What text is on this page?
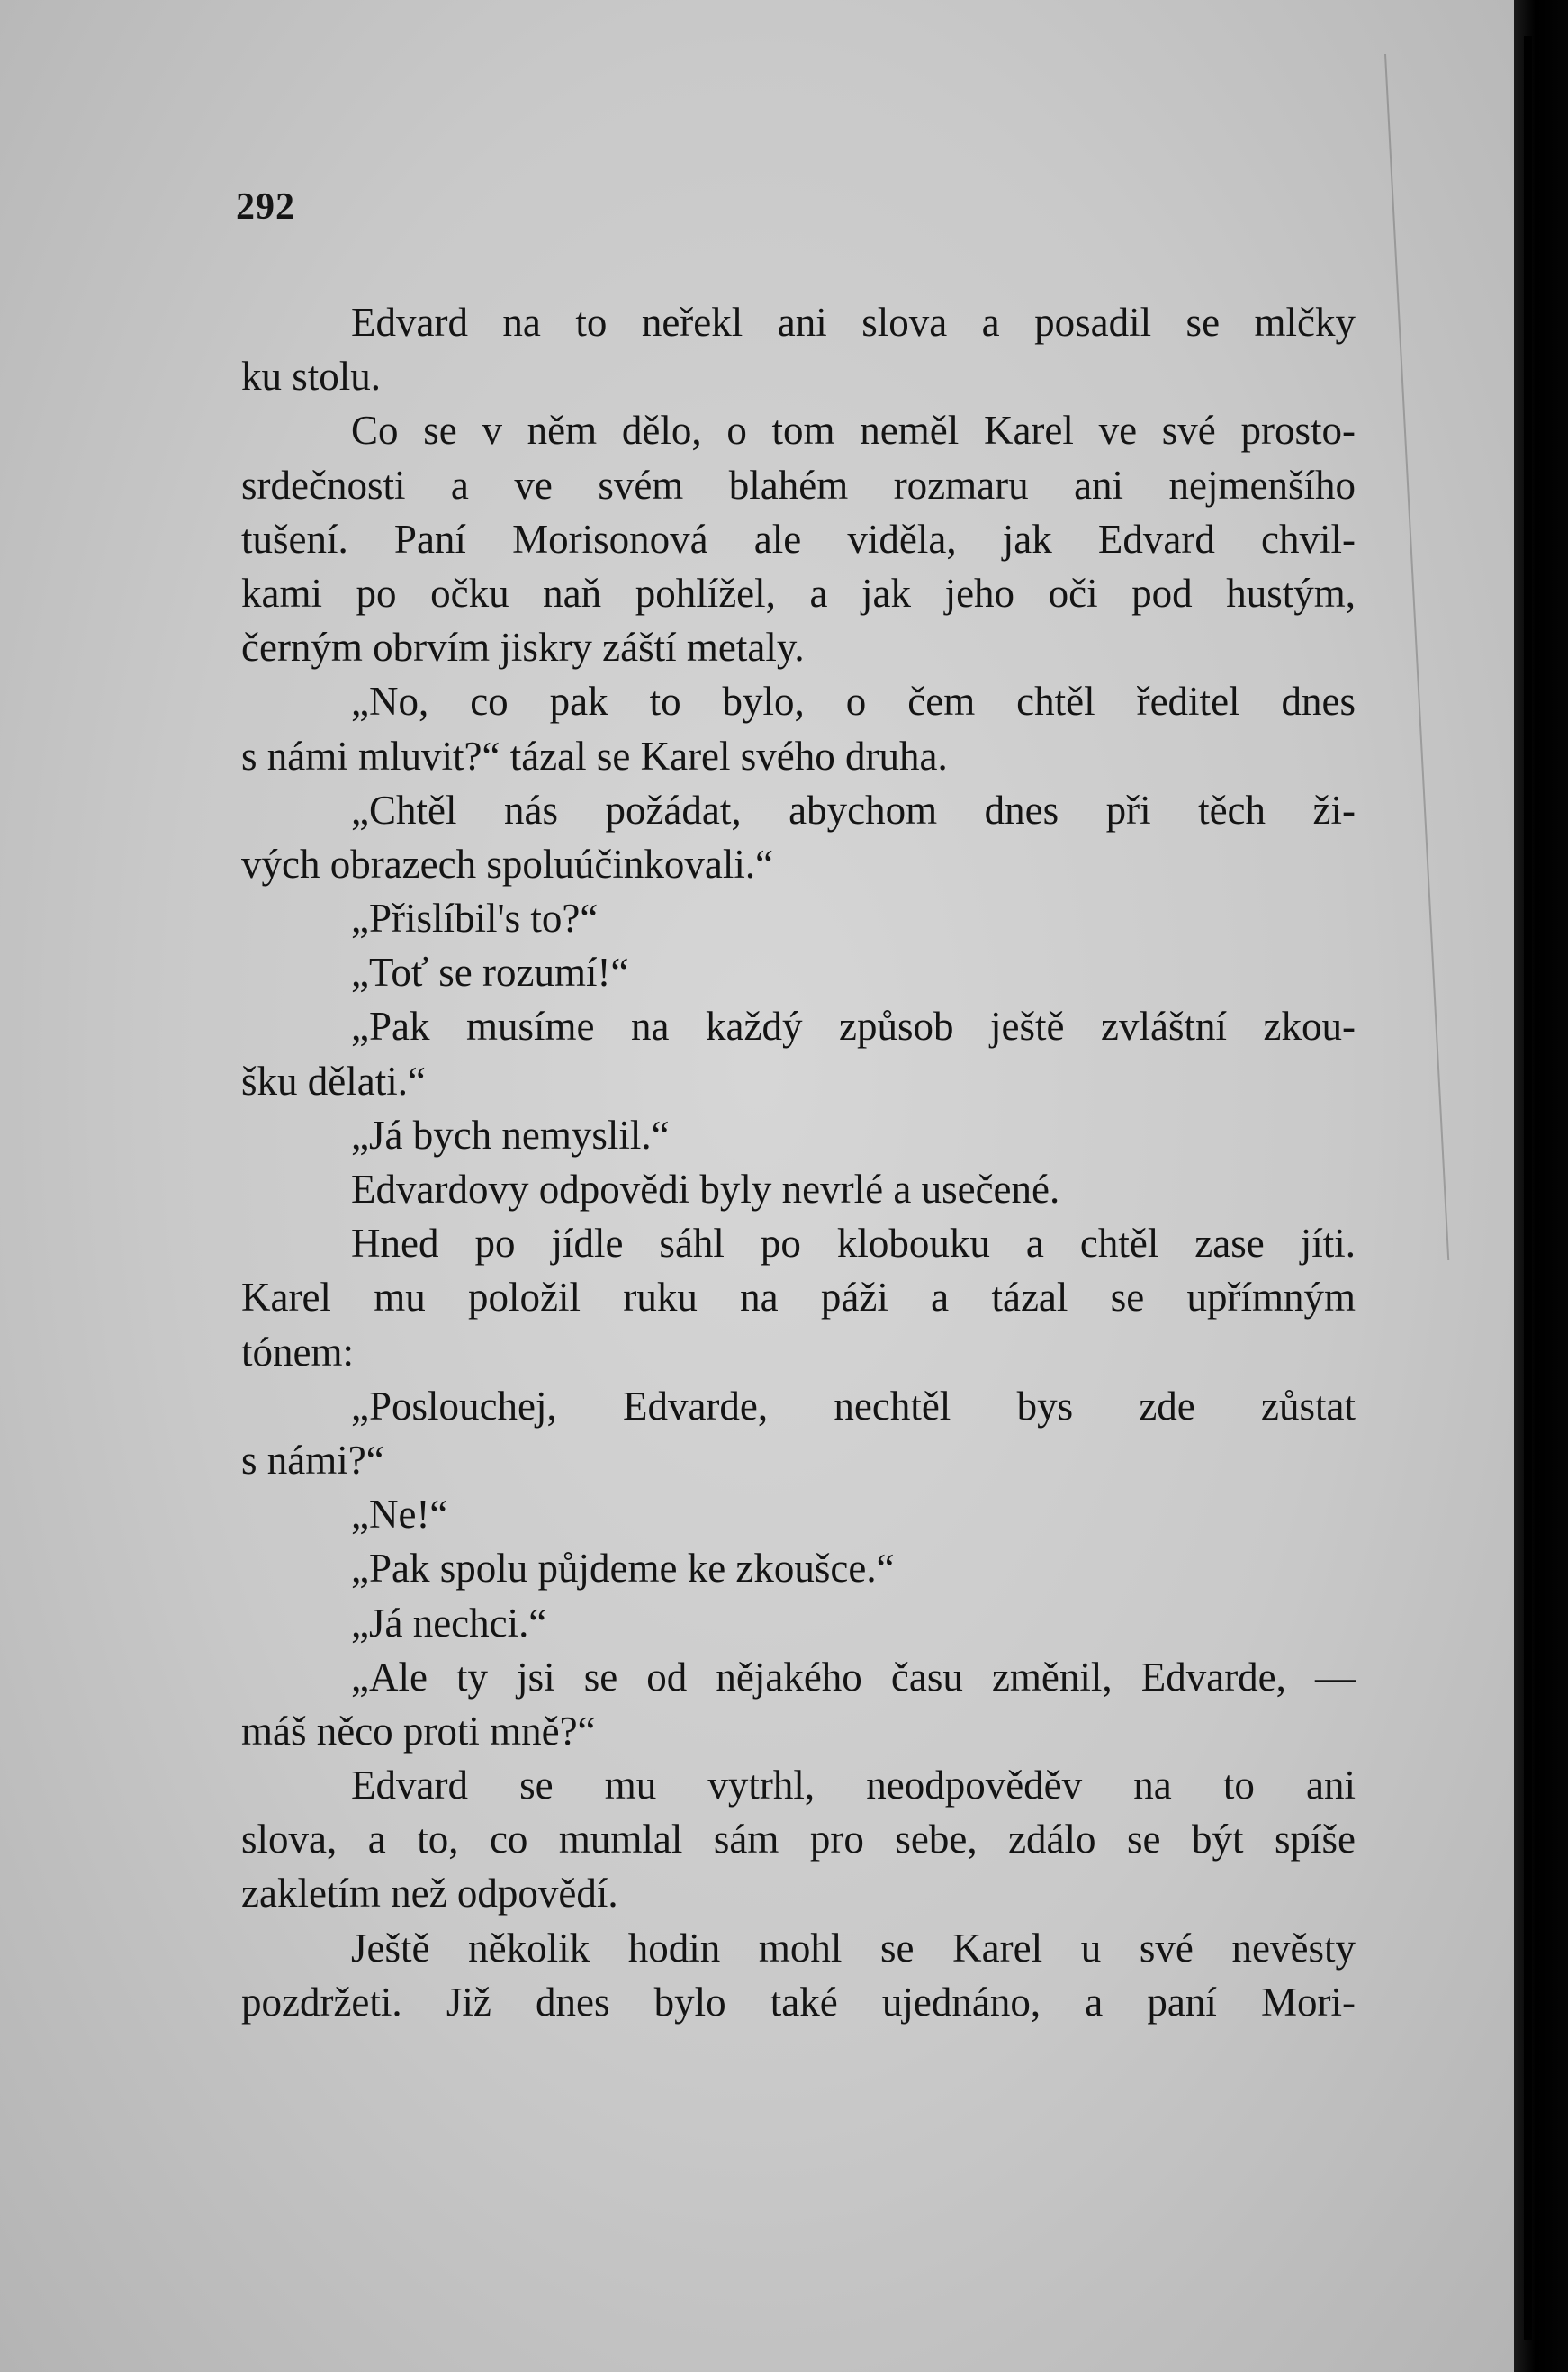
292
Edvard na to neřekl ani slova a posadil se mlčky
ku stolu.
Co se v něm dělo, o tom neměl Karel ve své prosto-
srdečnosti a ve svém blahém rozmaru ani nejmenšího
tušení. Paní Morisonová ale viděla, jak Edvard chvil-
kami po očku naň pohlížel, a jak jeho oči pod hustým,
černým obrvím jiskry záští metaly.
„No, co pak to bylo, o čem chtěl ředitel dnes
s námi mluvit?“ tázal se Karel svého druha.
„Chtěl nás požádat, abychom dnes při těch ži-
vých obrazech spoluúčinkovali.“
„Přislíbil's to?“
„Toť se rozumí!“
„Pak musíme na každý způsob ještě zvláštní zkou-
šku dělati.“
„Já bych nemyslil.“
Edvardovy odpovědi byly nevrlé a usečené.
Hned po jídle sáhl po klobouku a chtěl zase jíti.
Karel mu položil ruku na páži a tázal se upřímným
tónem:
„Poslouchej, Edvarde, nechtěl bys zde zůstat
s námi?“
„Ne!“
„Pak spolu půjdeme ke zkoušce.“
„Já nechci.“
„Ale ty jsi se od nějakého času změnil, Edvarde, —
máš něco proti mně?“
Edvard se mu vytrhl, neodpověděv na to ani
slova, a to, co mumlal sám pro sebe, zdálo se být spíše
zakletím než odpovědí.
Ještě několik hodin mohl se Karel u své nevěsty
pozdržeti. Již dnes bylo také ujednáno, a paní Mori-
